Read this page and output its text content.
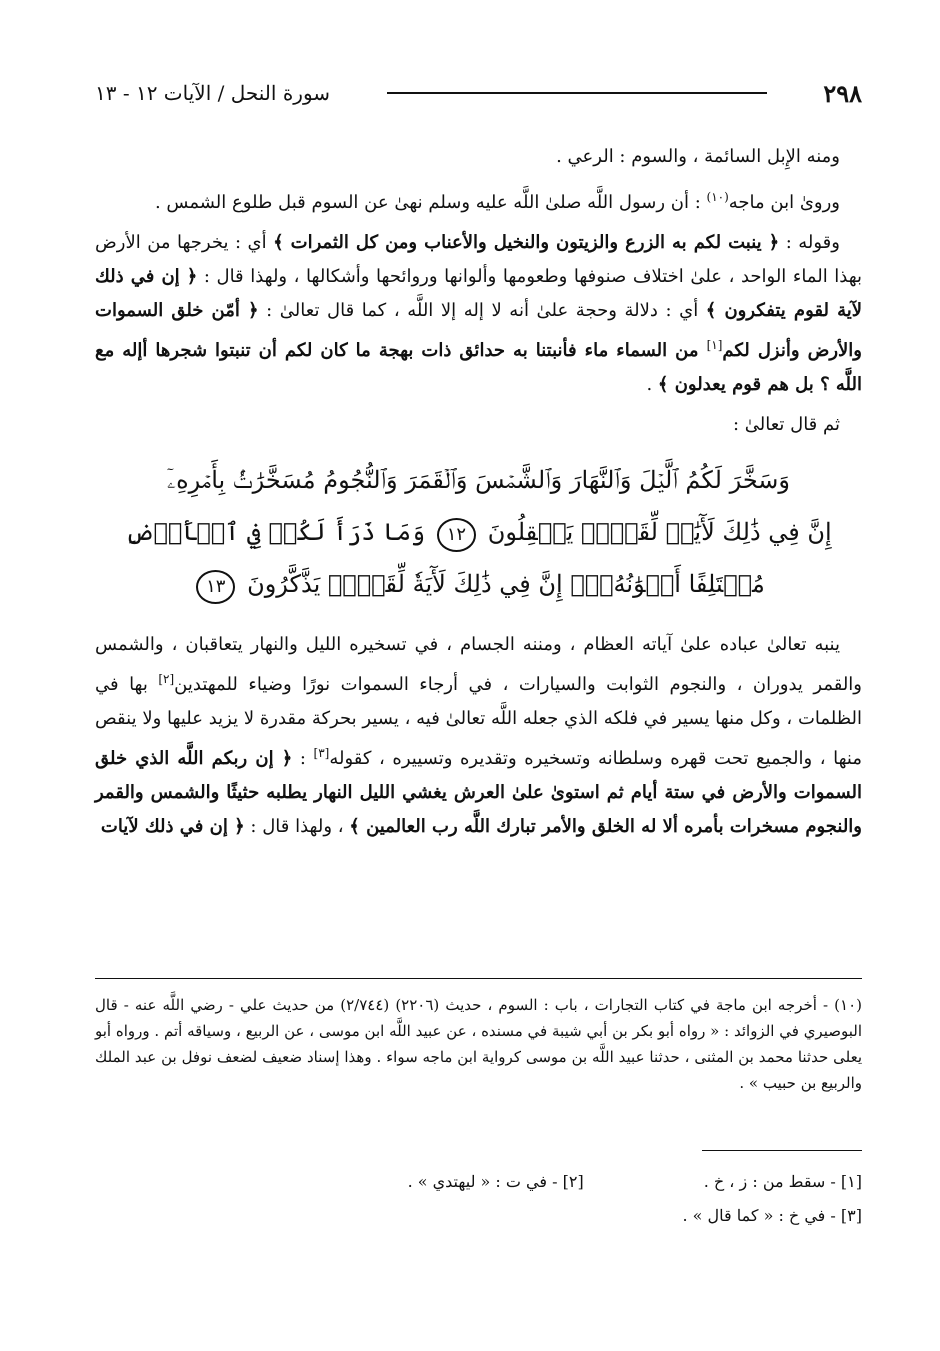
٢٩٨
سورة النحل / الآيات ١٢ - ١٣

ومنه الإِبل السائمة ، والسوم : الرعي .

وروىٰ ابن ماجه$^{(١٠)}$ : أن رسول اللَّه صلىٰ اللَّه عليه وسلم نهىٰ عن السوم قبل طلوع الشمس .

وقوله : ﴿ ينبت لكم به الزرع والزيتون والنخيل والأعناب ومن كل الثمرات ﴾ أي : يخرجها من الأرض بهذا الماء الواحد ، علىٰ اختلاف صنوفها وطعومها وألوانها وروائحها وأشكالها ، ولهذا قال : ﴿ إن في ذلك لآية لقوم يتفكرون ﴾ أي : دلالة وحجة علىٰ أنه لا إله إلا اللَّه ، كما قال تعالىٰ : ﴿ أمّن خلق السموات والأرض وأنزل لكم[١] من السماء ماء فأنبتنا به حدائق ذات بهجة ما كان لكم أن تنبتوا شجرها أإله مع اللَّه ؟ بل هم قوم يعدلون ﴾ .

ثم قال تعالىٰ :

وَسَخَّرَ لَكُمُ ٱلَّيۡلَ وَٱلنَّهَارَ وَٱلشَّمۡسَ وَٱلۡقَمَرَ وَٱلنُّجُومُ مُسَخَّرَٰتُۢ بِأَمۡرِهِۦٓ
إِنَّ فِي ذَٰلِكَ لَأٓيَٰتٖ لِّقَوۡمٖ يَعۡقِلُونَ ١٢ وَمَا ذَرَأَ لَكُمۡ فِي ٱلۡأَرۡضِ
مُخۡتَلِفًا أَلۡوَٰنُهُۥٓۚ إِنَّ فِي ذَٰلِكَ لَأٓيَةٗ لِّقَوۡمٖ يَذَّكَّرُونَ ١٣

ينبه تعالىٰ عباده علىٰ آياته العظام ، ومننه الجسام ، في تسخيره الليل والنهار يتعاقبان ، والشمس والقمر يدوران ، والنجوم الثوابت والسيارات ، في أرجاء السموات نورًا وضياء للمهتدين[٢] بها في الظلمات ، وكل منها يسير في فلكه الذي جعله اللَّه تعالىٰ فيه ، يسير بحركة مقدرة لا يزيد عليها ولا ينقص منها ، والجميع تحت قهره وسلطانه وتسخيره وتقديره وتسييره ، كقوله[٣] : ﴿ إن ربكم اللَّه الذي خلق السموات والأرض في ستة أيام ثم استوىٰ علىٰ العرش يغشي الليل النهار يطلبه حثيثًا والشمس والقمر والنجوم مسخرات بأمره ألا له الخلق والأمر تبارك اللَّه رب العالمين ﴾ ، ولهذا قال : ﴿ إن في ذلك لآيات

(١٠) - أخرجه ابن ماجة في كتاب التجارات ، باب : السوم ، حديث (٢٢٠٦) (٢/٧٤٤) من حديث علي - رضي اللَّه عنه - قال البوصيري في الزوائد : « رواه أبو بكر بن أبي شيبة في مسنده ، عن عبيد اللَّه ابن موسى ، عن الربيع ، وسياقه أتم . ورواه أبو يعلى حدثنا محمد بن المثنى ، حدثنا عبيد اللَّه بن موسى كرواية ابن ماجه سواء . وهذا إسناد ضعيف لضعف نوفل بن عبد الملك والربيع بن حبيب » .

[١] - سقط من : ز ، خ .
[٢] - في ت : « ليهتدي » .
[٣] - في خ : « كما قال » .
